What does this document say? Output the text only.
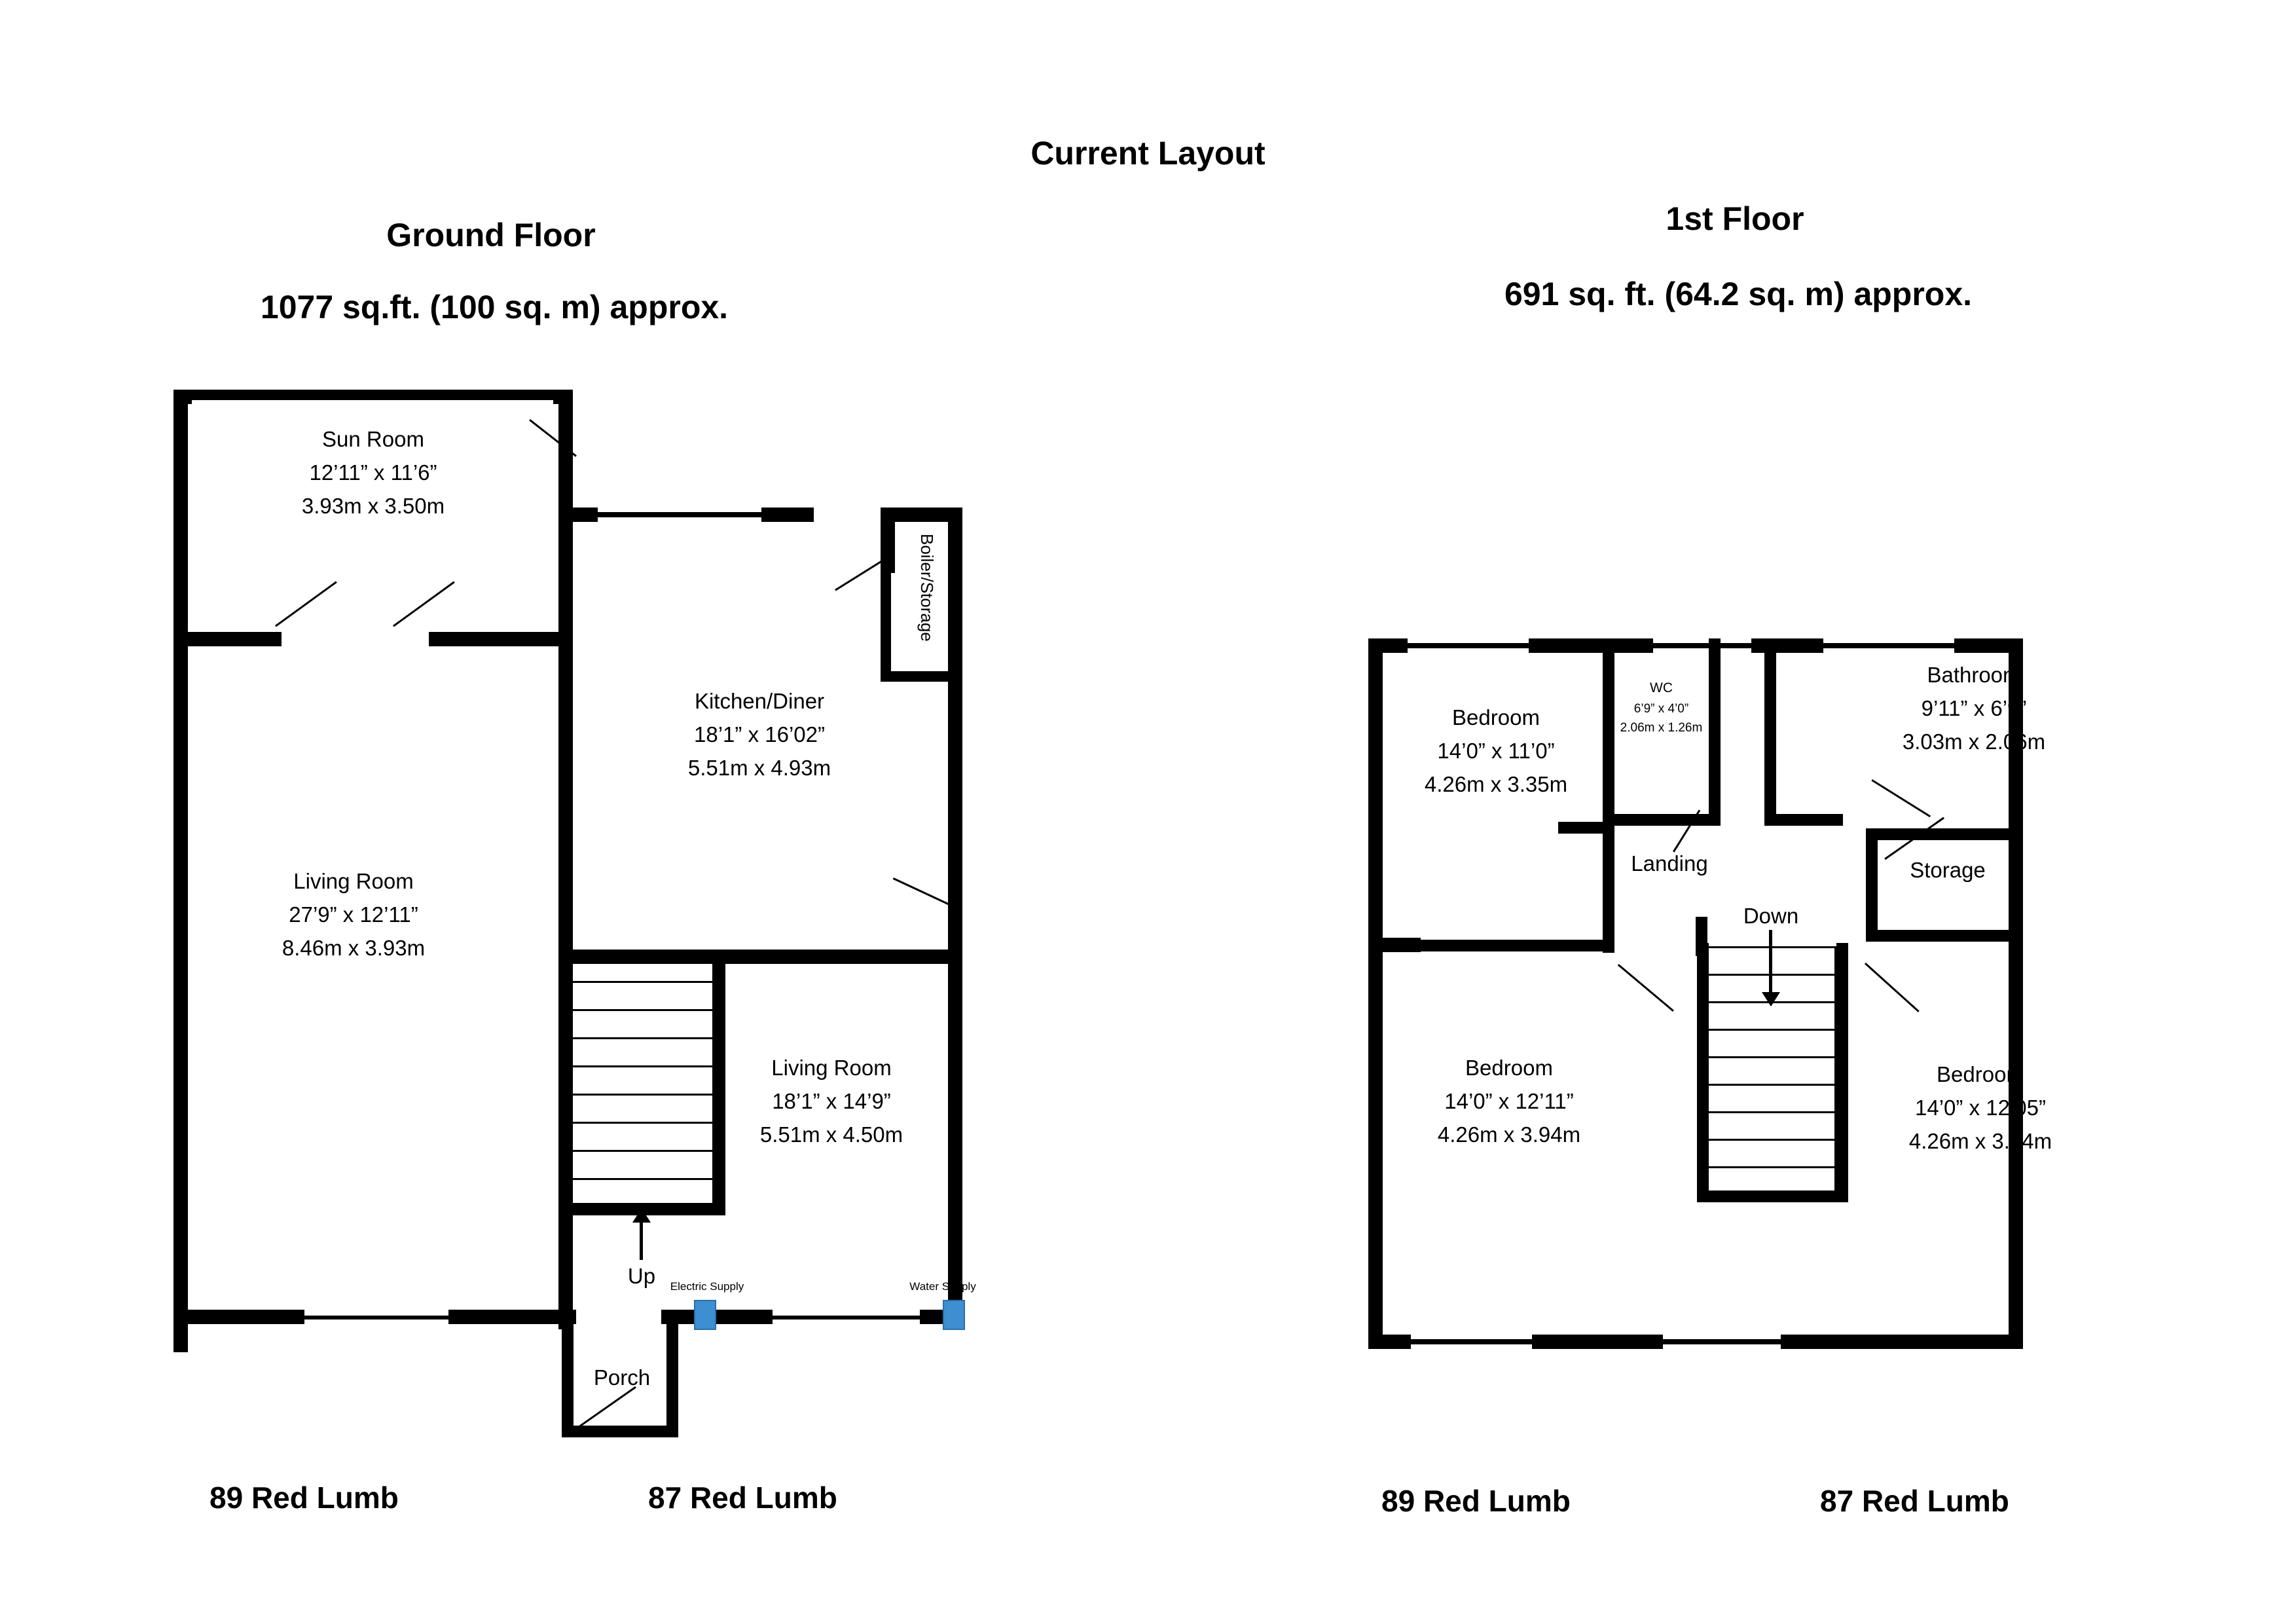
Current Layout
Ground Floor
1077 sq.ft. (100 sq. m) approx.
1st Floor
691 sq. ft. (64.2 sq. m) approx.
Up
Sun Room
12’11” x 11’6”
3.93m x 3.50m
Kitchen/Diner
18’1” x 16’02”
5.51m x 4.93m
Living Room
27’9” x 12’11”
8.46m x 3.93m
Living Room
18’1” x 14’9”
5.51m x 4.50m
Boiler/Storage
Porch
Electric Supply	Water Supply
Down
Bedroom
14’0” x 11’0”
4.26m x 3.35m
WC
6’9” x 4’0”
2.06m x 1.26m
Bathroom
9’11” x 6’9”
3.03m x 2.06m
Bedroom
14’0” x 12’11”
4.26m x 3.94m
Bedroom
14’0” x 12’05”
4.26m x 3.94m
Landing	Storage
89 Red Lumb	87 Red Lumb	89 Red Lumb	87 Red Lumb
